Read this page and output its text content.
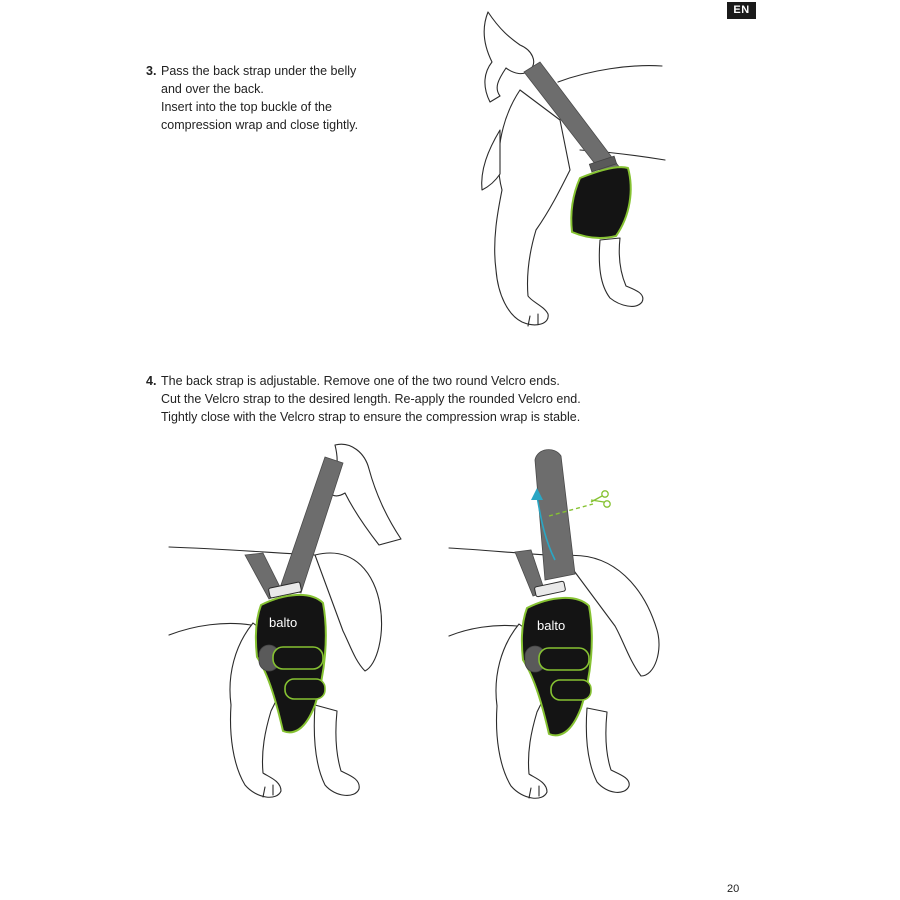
EN
3. Pass the back strap under the belly
and over the back.
Insert into the top buckle of the
compression wrap and close tightly.
4. The back strap is adjustable. Remove one of the two round Velcro ends.
Cut the Velcro strap to the desired length. Re-apply the rounded Velcro end.
Tightly close with the Velcro strap to ensure the compression wrap is stable.
balto	balto
20
